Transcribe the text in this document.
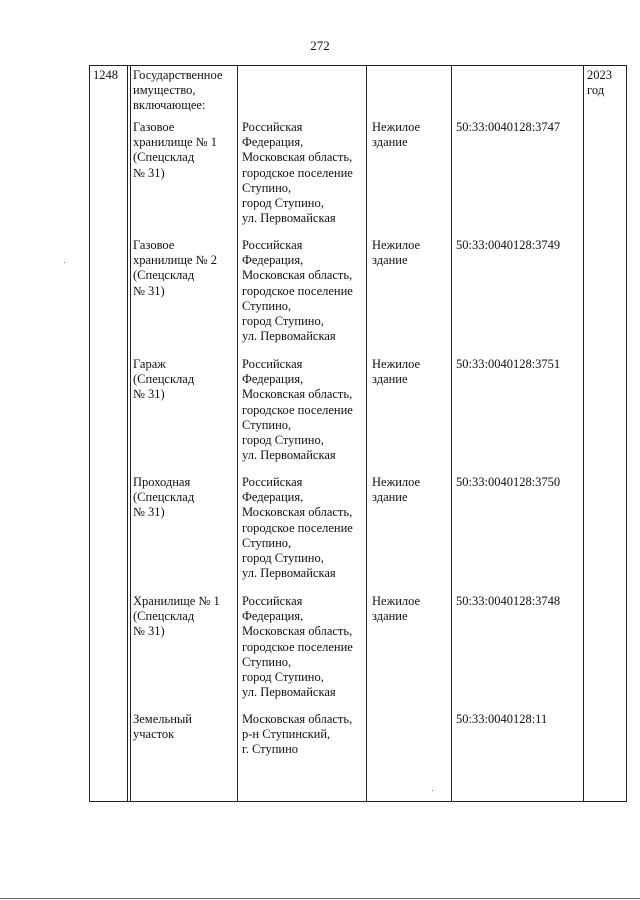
272
1248	2023
год
Государственное
имущество,
включающее:
Газовое
хранилище № 1
(Спецсклад
№ 31)
Российская
Федерация,
Московская область,
городское поселение
Ступино,
город Ступино,
ул. Первомайская
Нежилое
здание
50:33:0040128:3747
Газовое
хранилище № 2
(Спецсклад
№ 31)
Российская
Федерация,
Московская область,
городское поселение
Ступино,
город Ступино,
ул. Первомайская
Нежилое
здание
50:33:0040128:3749
Гараж
(Спецсклад
№ 31)
Российская
Федерация,
Московская область,
городское поселение
Ступино,
город Ступино,
ул. Первомайская
Нежилое
здание
50:33:0040128:3751
Проходная
(Спецсклад
№ 31)
Российская
Федерация,
Московская область,
городское поселение
Ступино,
город Ступино,
ул. Первомайская
Нежилое
здание
50:33:0040128:3750
Хранилище № 1
(Спецсклад
№ 31)
Российская
Федерация,
Московская область,
городское поселение
Ступино,
город Ступино,
ул. Первомайская
Нежилое
здание
50:33:0040128:3748
Земельный
участок
Московская область,
р-н Ступинский,
г. Ступино
50:33:0040128:11
